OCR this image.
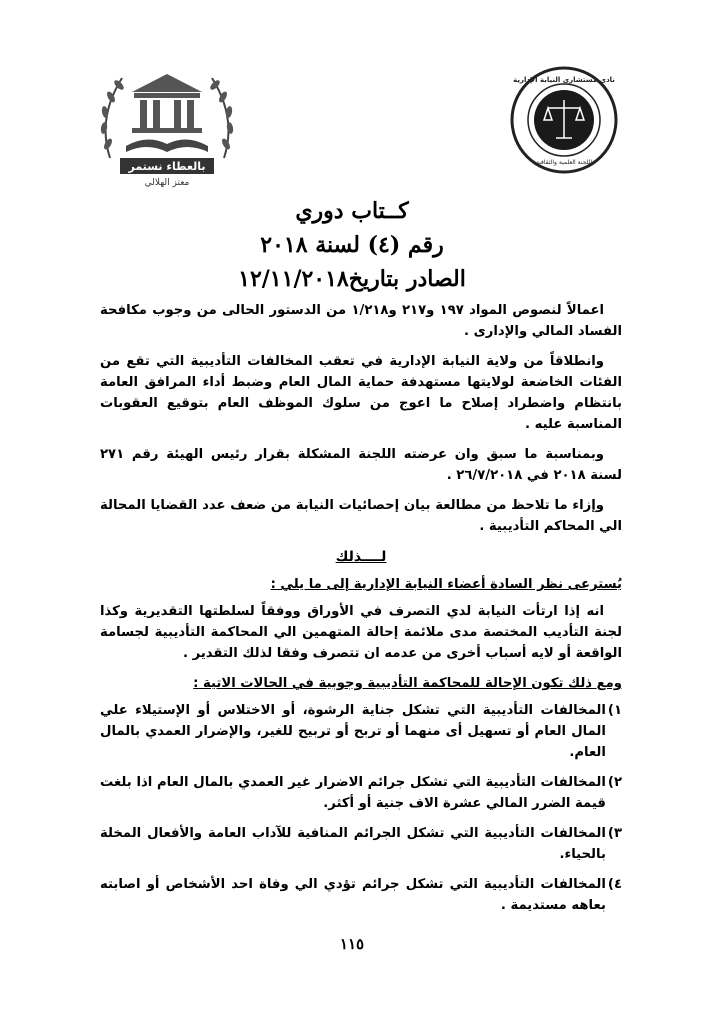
بالعطاء نستمر
معتز الهلالي
نادي مستشاري النيابة الإدارية
اللجنة العلمية والثقافية
كــتاب دوري
رقم (٤) لسنة ٢٠١٨
الصادر بتاريخ١٢/١١/٢٠١٨

اعمالاً لنصوص المواد ١٩٧ و٢١٧ و١/٢١٨ من الدستور الحالى من وجوب مكافحة الفساد المالي والإدارى .

وانطلاقاً من ولاية النيابة الإدارية في تعقب المخالفات التأديبية التي تقع من الفئات الخاضعة لولايتها مستهدفة حماية المال العام وضبط أداء المرافق العامة بانتظام واضطراد إصلاح ما اعوج من سلوك الموظف العام بتوقيع العقوبات المناسبة عليه .

وبمناسبة ما سبق وان عرضته اللجنة المشكلة بقرار رئيس الهيئة رقم ٢٧١ لسنة ٢٠١٨ في ٢٦/٧/٢٠١٨ .

وإزاء ما تلاحظ من مطالعة بيان إحصائيات النيابة من ضعف عدد القضايا المحالة الي المحاكم التأديبية .

لــــذلك

يُسترعى نظر السادة أعضاء النيابة الإدارية إلى ما يلي :

انه إذا ارتأت النيابة لدي التصرف في الأوراق ووفقاً لسلطتها التقديرية وكذا لجنة التأديب المختصة مدى ملائمة إحالة المتهمين الي المحاكمة التأديبية لجسامة الواقعة أو لايه أسباب أخرى من عدمه ان تتصرف وفقا لذلك التقدير .

ومع ذلك تكون الإحالة للمحاكمة التأديبية وجوبية في الحالات الاتية :

١)
المخالفات التأديبية التي تشكل جناية الرشوة، أو الاختلاس أو الإستيلاء علي المال العام أو تسهيل أى منهما أو تربح أو تربيح للغير، والإضرار العمدي بالمال العام.
٢)
المخالفات التأديبية التي تشكل جرائم الاضرار غير العمدي بالمال العام اذا بلغت قيمة الضرر المالي عشرة الاف جنية أو أكثر.
٣)
المخالفات التأديبية التي تشكل الجرائم المنافية للآداب العامة والأفعال المخلة بالحياء.
٤)
المخالفات التأديبية التي تشكل جرائم تؤدي الي وفاة احد الأشخاص أو اصابته بعاهه مستديمة .
١١٥
